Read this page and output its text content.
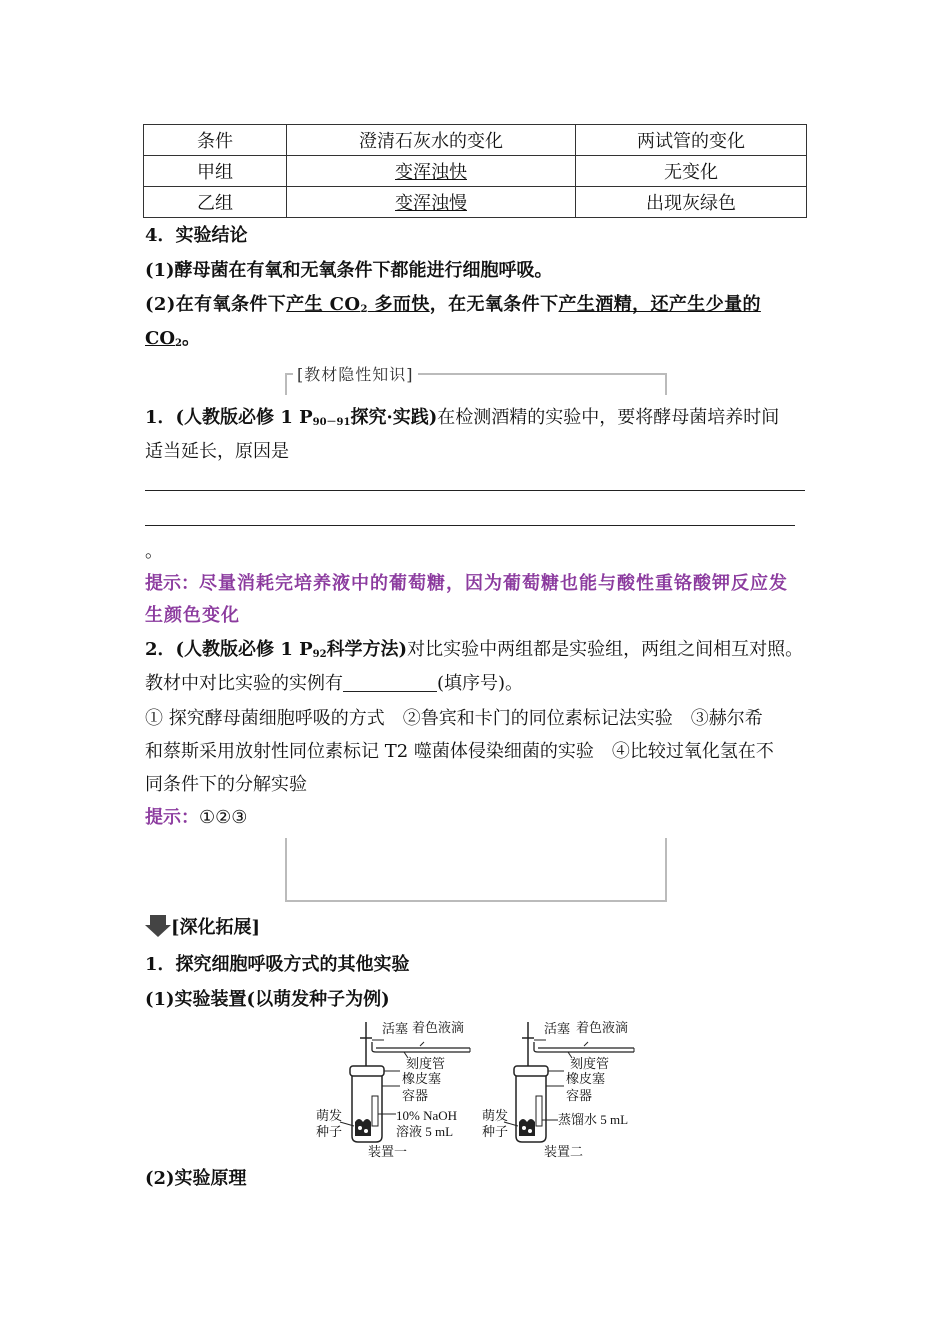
条件	澄清石灰水的变化	两试管的变化
甲组	变浑浊快	无变化
乙组	变浑浊慢	出现灰绿色
4．实验结论
(1)酵母菌在有氧和无氧条件下都能进行细胞呼吸。
(2)在有氧条件下产生 $CO_2$ 多而快，在无氧条件下产生酒精，还产生少量的
$CO_2$。
[教材隐性知识]
1．(人教版必修 1 $P_{90-91}$探究·实践)在检测酒精的实验中，要将酵母菌培养时间
适当延长，原因是
。
提示：尽量消耗完培养液中的葡萄糖，因为葡萄糖也能与酸性重铬酸钾反应发
生颜色变化
2．(人教版必修 1 $P_{92}$科学方法)对比实验中两组都是实验组，两组之间相互对照。
教材中对比实验的实例有	(填序号)。
① 探究酵母菌细胞呼吸的方式　②鲁宾和卡门的同位素标记法实验　③赫尔希
和蔡斯采用放射性同位素标记 T2 噬菌体侵染细菌的实验　④比较过氧化氢在不
同条件下的分解实验
提示：①②③
[深化拓展]
1．探究细胞呼吸方式的其他实验
(1)实验装置(以萌发种子为例)
活塞 着色液滴
刻度管
橡皮塞
容器
10% NaOH
溶液 5 mL
萌发
种子
装置一
活塞 着色液滴
刻度管
橡皮塞
容器
蒸馏水 5 mL
萌发
种子
装置二
(2)实验原理
